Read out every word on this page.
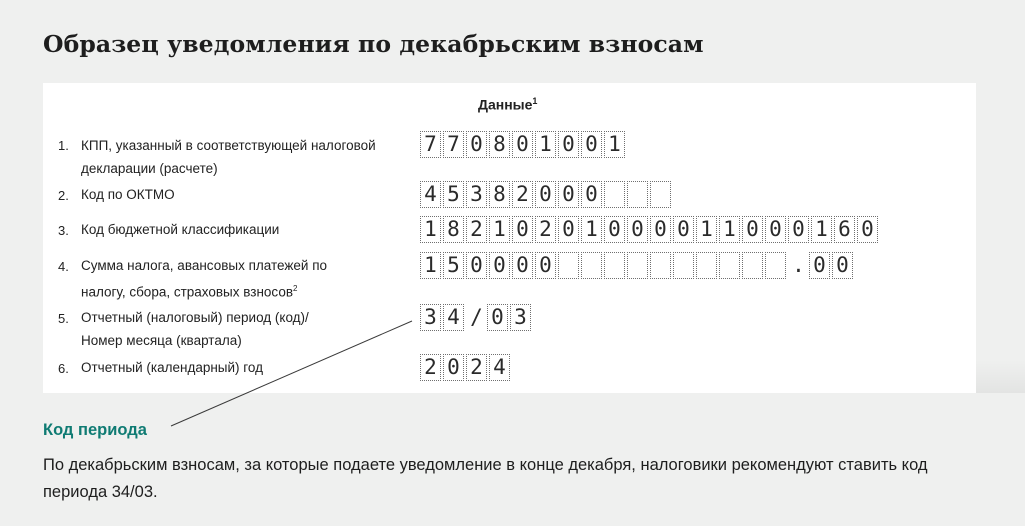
Образец уведомления по декабрьским взносам
Данные$^1$
1. КПП, указанный в соответствующей налоговой
декларации (расчете)
7 7 0 8 0 1 0 0 1
2. Код по ОКТМО	4 5 3 8 2 0 0 0
3. Код бюджетной классификации	1 8 2 1 0 2 0 1 0 0 0 0 1 1 0 0 0 1 6 0
4. Сумма налога, авансовых платежей по
налогу, сбора, страховых взносов$^2$
1 5 0 0 0 0	. 0 0
5. Отчетный (налоговый) период (код)/
Номер месяца (квартала)
3 4 / 0 3
6. Отчетный (календарный) год	2 0 2 4
Код периода
По декабрьским взносам, за которые подаете уведомление в конце декабря, налоговики рекомендуют ставить код периода 34/03.
